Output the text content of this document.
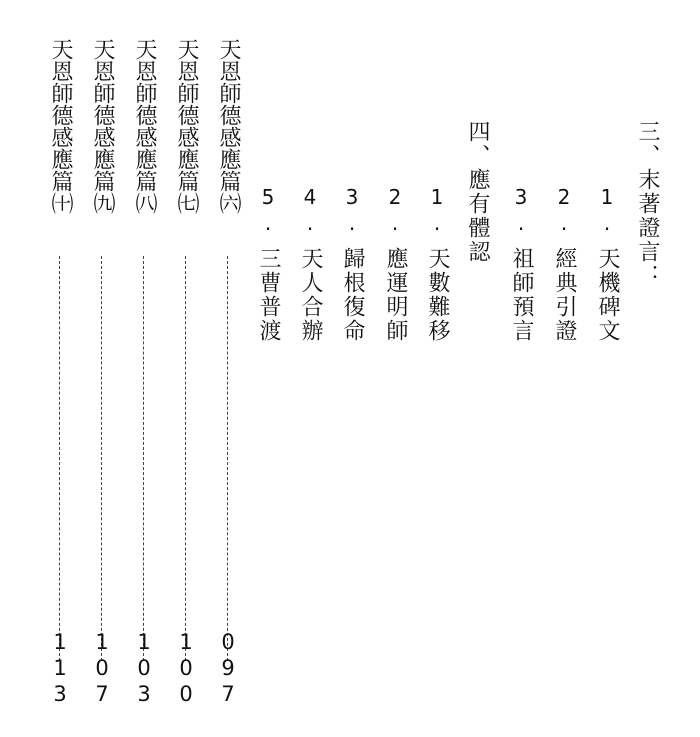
三、末著證言：
1.天機碑文
2.經典引證
3.祖師預言
四、應有體認
1.天數難移
2.應運明師
3.歸根復命
4.天人合辦
5.三曹普渡
天恩師德感應篇㈥
097
天恩師德感應篇㈦
100
天恩師德感應篇㈧
103
天恩師德感應篇㈨
107
天恩師德感應篇㈩
113
